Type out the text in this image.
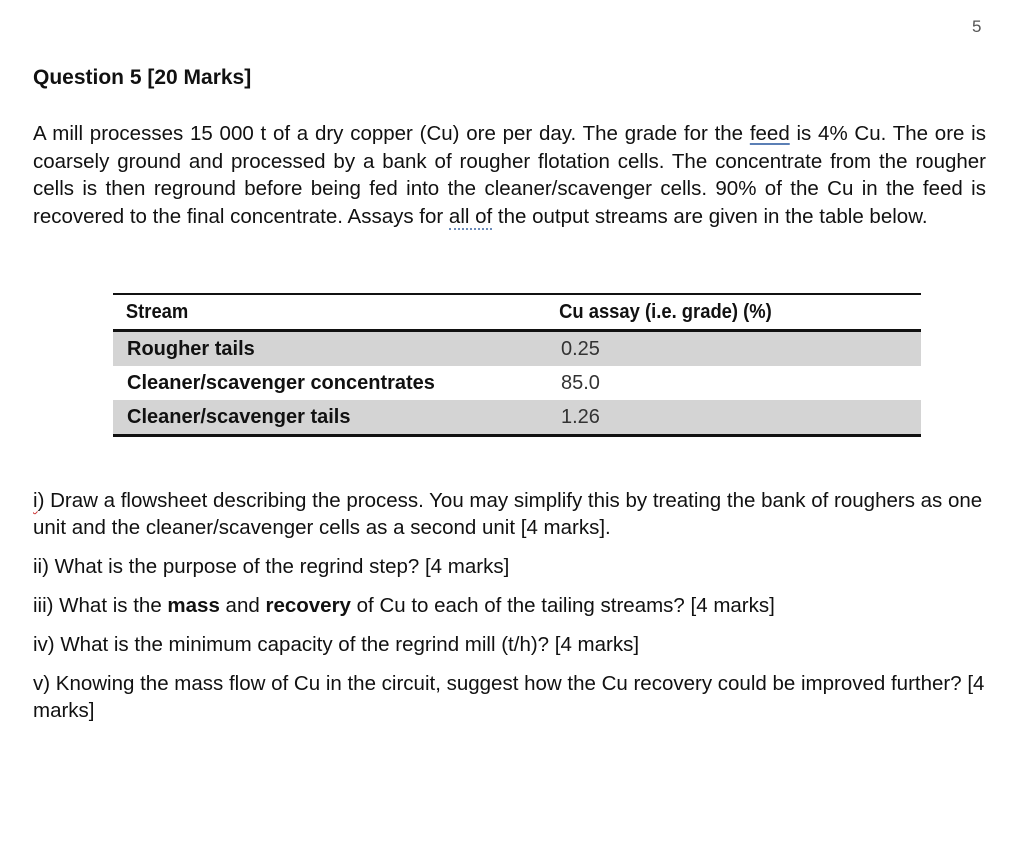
5
Question 5 [20 Marks]

A mill processes 15 000 t of a dry copper (Cu) ore per day. The grade for the feed is 4% Cu. The ore is coarsely ground and processed by a bank of rougher flotation cells. The concentrate from the rougher cells is then reground before being fed into the cleaner/scavenger cells. 90% of the Cu in the feed is recovered to the final concentrate. Assays for all of the output streams are given in the table below.

Stream	Cu assay (i.e. grade) (%)
Rougher tails	0.25
Cleaner/scavenger concentrates	85.0
Cleaner/scavenger tails	1.26

i) Draw a flowsheet describing the process. You may simplify this by treating the bank of roughers as one unit and the cleaner/scavenger cells as a second unit [4 marks].

ii) What is the purpose of the regrind step? [4 marks]

iii) What is the mass and recovery of Cu to each of the tailing streams? [4 marks]

iv) What is the minimum capacity of the regrind mill (t/h)? [4 marks]

v) Knowing the mass flow of Cu in the circuit, suggest how the Cu recovery could be improved further? [4 marks]
